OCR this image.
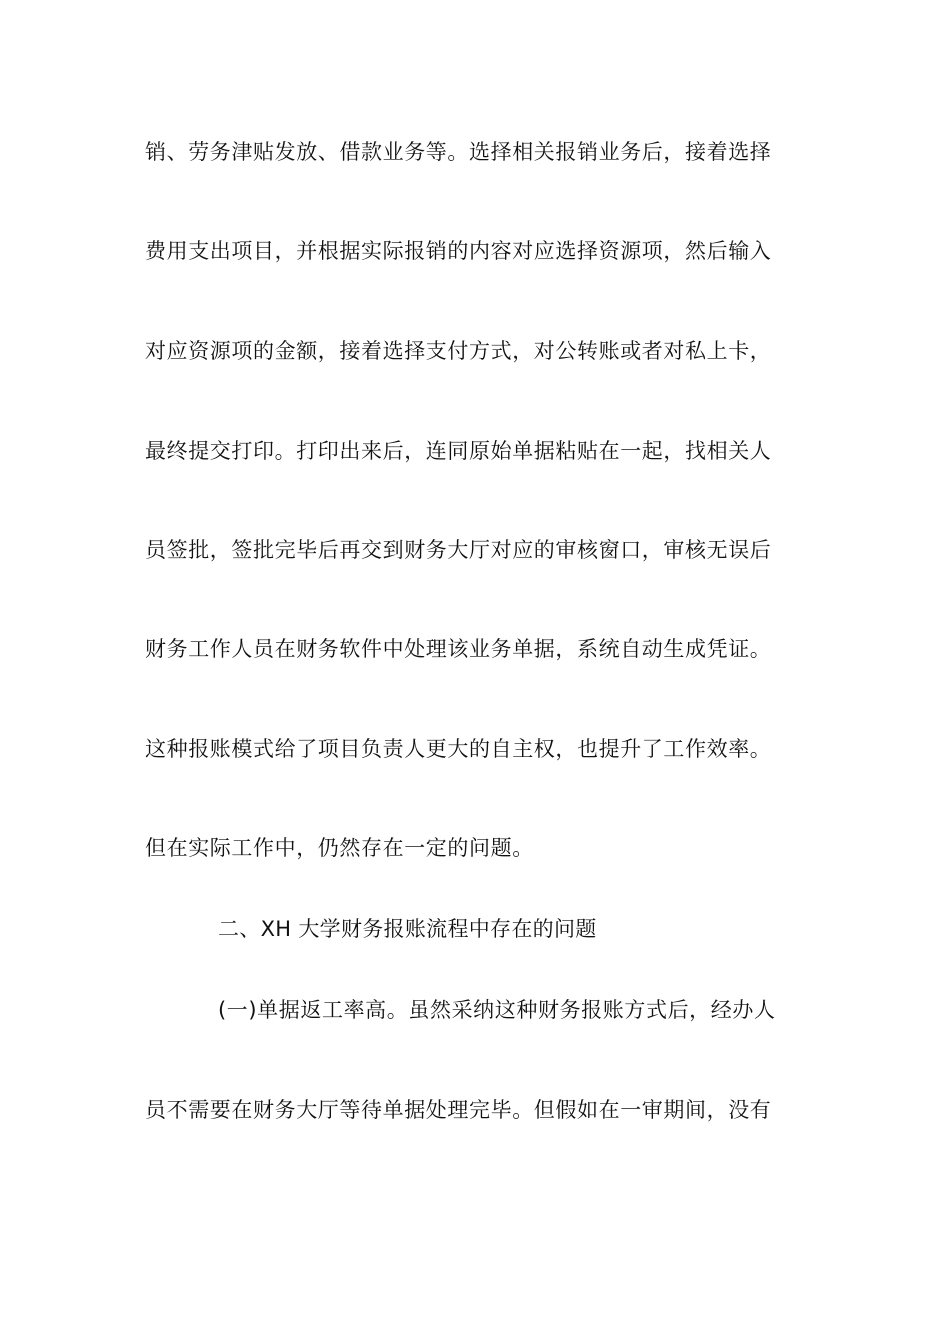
销、劳务津贴发放、借款业务等。选择相关报销业务后，接着选择
费用支出项目，并根据实际报销的内容对应选择资源项，然后输入
对应资源项的金额，接着选择支付方式，对公转账或者对私上卡，
最终提交打印。打印出来后，连同原始单据粘贴在一起，找相关人
员签批，签批完毕后再交到财务大厅对应的审核窗口，审核无误后
财务工作人员在财务软件中处理该业务单据，系统自动生成凭证。
这种报账模式给了项目负责人更大的自主权，也提升了工作效率。
但在实际工作中，仍然存在一定的问题。
二、XH 大学财务报账流程中存在的问题
(一)单据返工率高。虽然采纳这种财务报账方式后，经办人
员不需要在财务大厅等待单据处理完毕。但假如在一审期间，没有
